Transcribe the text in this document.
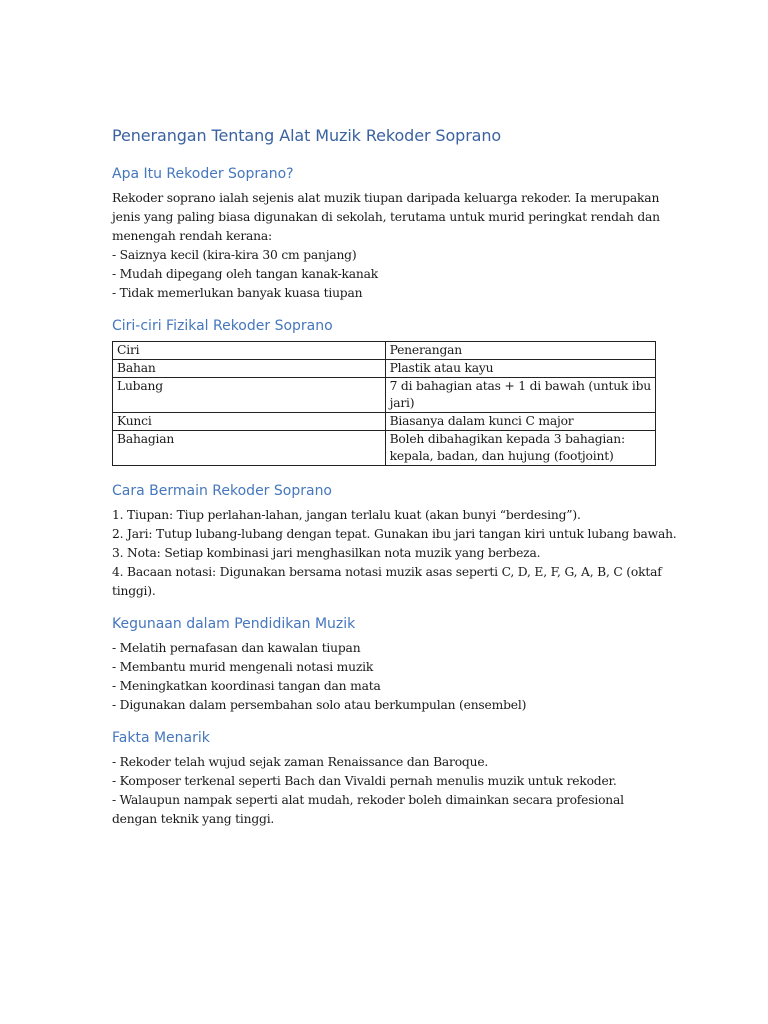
Penerangan Tentang Alat Muzik Rekoder Soprano
Apa Itu Rekoder Soprano?

Rekoder soprano ialah sejenis alat muzik tiupan daripada keluarga rekoder. Ia merupakan
jenis yang paling biasa digunakan di sekolah, terutama untuk murid peringkat rendah dan
menengah rendah kerana:
- Saiznya kecil (kira-kira 30 cm panjang)
- Mudah dipegang oleh tangan kanak-kanak
- Tidak memerlukan banyak kuasa tiupan

Ciri-ciri Fizikal Rekoder Soprano
Ciri	Penerangan
Bahan	Plastik atau kayu
Lubang	7 di bahagian atas + 1 di bawah (untuk ibu
jari)

Kunci	Biasanya dalam kunci C major
Bahagian	Boleh dibahagikan kepada 3 bahagian:
kepala, badan, dan hujung (footjoint)
Cara Bermain Rekoder Soprano

1. Tiupan: Tiup perlahan-lahan, jangan terlalu kuat (akan bunyi “berdesing”).
2. Jari: Tutup lubang-lubang dengan tepat. Gunakan ibu jari tangan kiri untuk lubang bawah.
3. Nota: Setiap kombinasi jari menghasilkan nota muzik yang berbeza.
4. Bacaan notasi: Digunakan bersama notasi muzik asas seperti C, D, E, F, G, A, B, C (oktaf
tinggi).

Kegunaan dalam Pendidikan Muzik

- Melatih pernafasan dan kawalan tiupan
- Membantu murid mengenali notasi muzik
- Meningkatkan koordinasi tangan dan mata
- Digunakan dalam persembahan solo atau berkumpulan (ensembel)

Fakta Menarik

- Rekoder telah wujud sejak zaman Renaissance dan Baroque.
- Komposer terkenal seperti Bach dan Vivaldi pernah menulis muzik untuk rekoder.
- Walaupun nampak seperti alat mudah, rekoder boleh dimainkan secara profesional
dengan teknik yang tinggi.
